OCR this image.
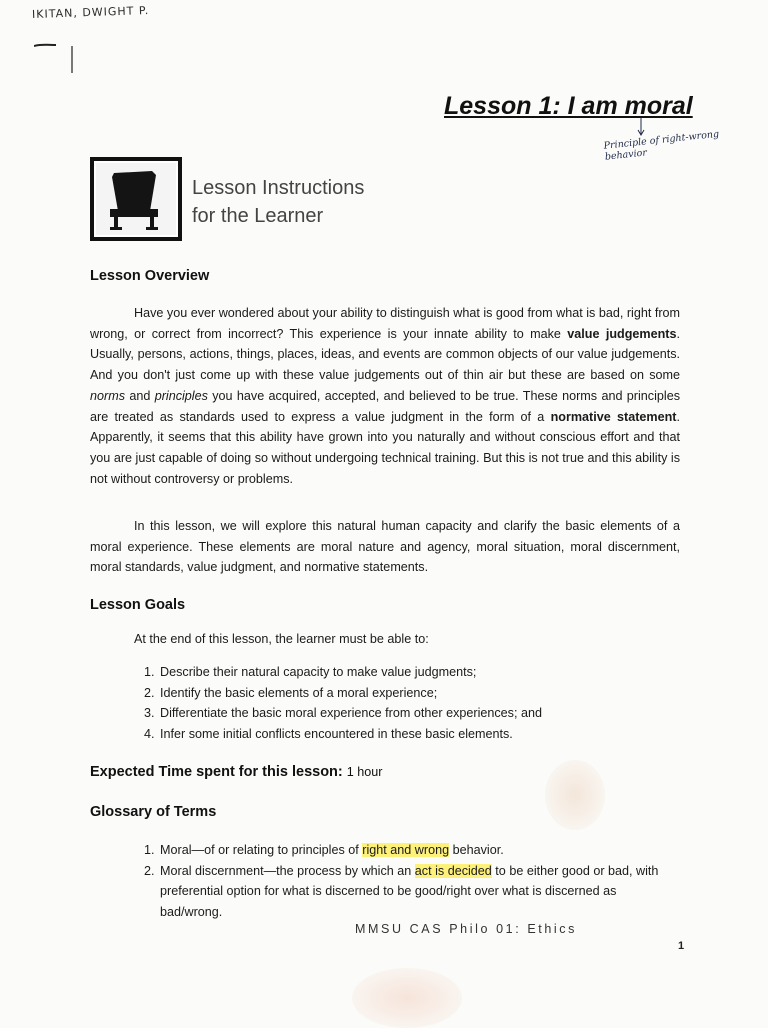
IKITAN, DWIGHT P.
Lesson 1: I am moral
Principle of right-wrong behavior
Lesson Instructions
for the Learner
Lesson Overview
Have you ever wondered about your ability to distinguish what is good from what is bad, right from wrong, or correct from incorrect? This experience is your innate ability to make value judgements. Usually, persons, actions, things, places, ideas, and events are common objects of our value judgements. And you don't just come up with these value judgements out of thin air but these are based on some norms and principles you have acquired, accepted, and believed to be true. These norms and principles are treated as standards used to express a value judgment in the form of a normative statement. Apparently, it seems that this ability have grown into you naturally and without conscious effort and that you are just capable of doing so without undergoing technical training. But this is not true and this ability is not without controversy or problems.
In this lesson, we will explore this natural human capacity and clarify the basic elements of a moral experience. These elements are moral nature and agency, moral situation, moral discernment, moral standards, value judgment, and normative statements.
Lesson Goals
At the end of this lesson, the learner must be able to:
1. Describe their natural capacity to make value judgments;
2. Identify the basic elements of a moral experience;
3. Differentiate the basic moral experience from other experiences; and
4. Infer some initial conflicts encountered in these basic elements.
Expected Time spent for this lesson: 1 hour
Glossary of Terms
1. Moral—of or relating to principles of right and wrong behavior.
2. Moral discernment—the process by which an act is decided to be either good or bad, with preferential option for what is discerned to be good/right over what is discerned as bad/wrong.
MMSU CAS Philo 01: Ethics
1
